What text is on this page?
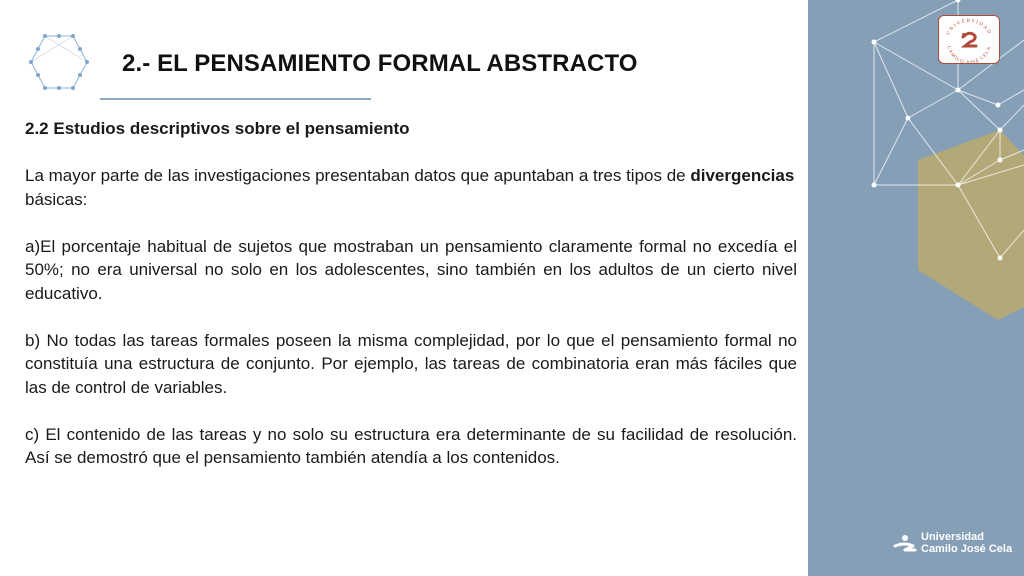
2.- EL PENSAMIENTO FORMAL ABSTRACTO
2.2 Estudios descriptivos sobre el pensamiento

La mayor parte de las investigaciones presentaban datos que apuntaban a tres tipos de divergencias básicas:

a)El porcentaje habitual de sujetos que mostraban un pensamiento claramente formal no excedía el 50%; no era universal no solo en los adolescentes, sino también en los adultos de un cierto nivel educativo.

b) No todas las tareas formales poseen la misma complejidad, por lo que el pensamiento formal no constituía una estructura de conjunto. Por ejemplo, las tareas de combinatoria eran más fáciles que las de control de variables.

c) El contenido de las tareas y no solo su estructura era determinante de su facilidad de resolución. Así se demostró que el pensamiento también atendía a los contenidos.

UNIVERSIDAD
CAMILO JOSÉ CELA
Universidad
Camilo José Cela
